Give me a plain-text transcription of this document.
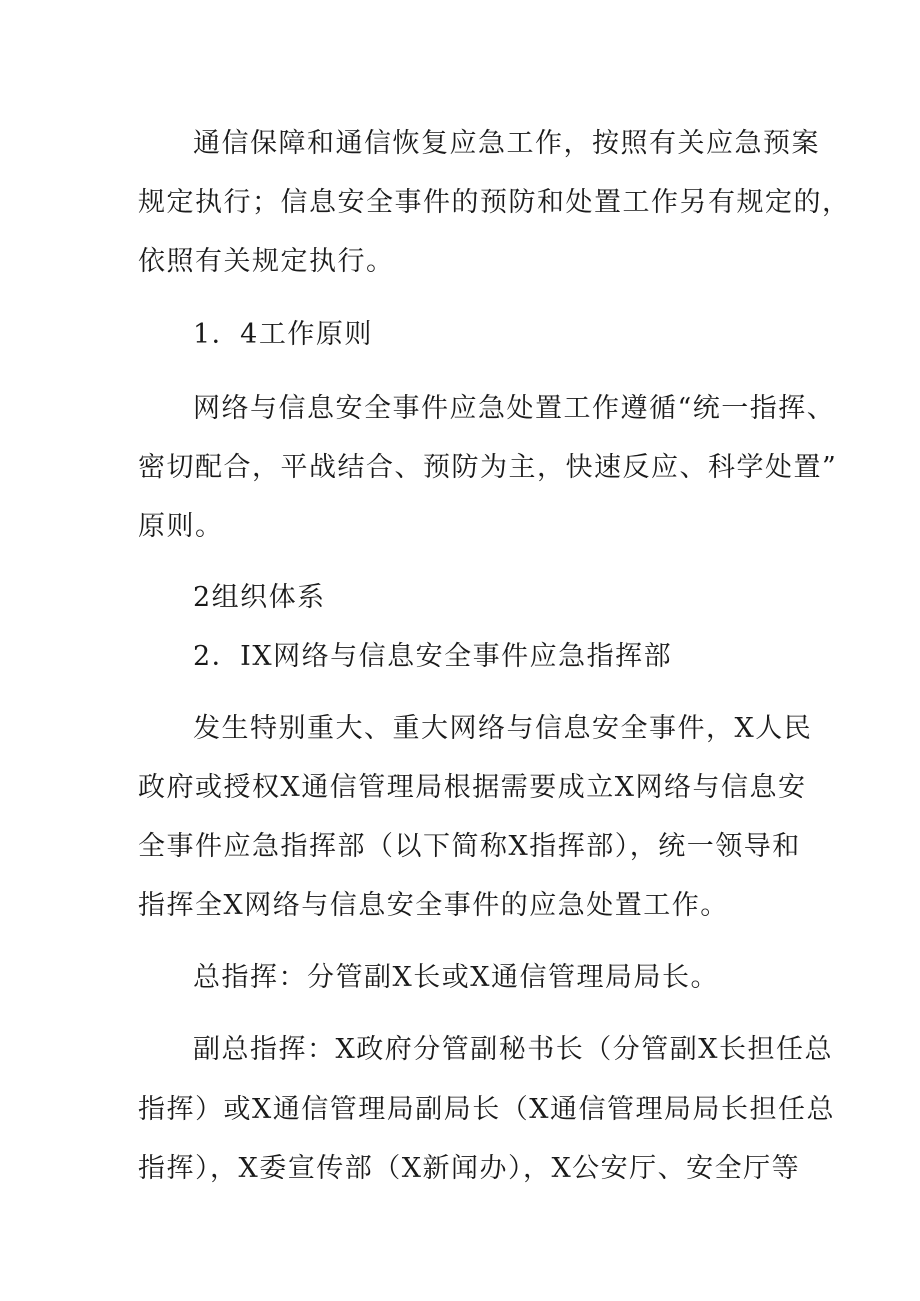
通信保障和通信恢复应急工作，按照有关应急预案
规定执行；信息安全事件的预防和处置工作另有规定的，
依照有关规定执行。
1．4工作原则
网络与信息安全事件应急处置工作遵循“统一指挥、
密切配合，平战结合、预防为主，快速反应、科学处置”
原则。
2组织体系
2．IX网络与信息安全事件应急指挥部
发生特别重大、重大网络与信息安全事件，X人民
政府或授权X通信管理局根据需要成立X网络与信息安
全事件应急指挥部（以下简称X指挥部），统一领导和
指挥全X网络与信息安全事件的应急处置工作。
总指挥：分管副X长或X通信管理局局长。
副总指挥：X政府分管副秘书长（分管副X长担任总
指挥）或X通信管理局副局长（X通信管理局局长担任总
指挥），X委宣传部（X新闻办），X公安厅、安全厅等
